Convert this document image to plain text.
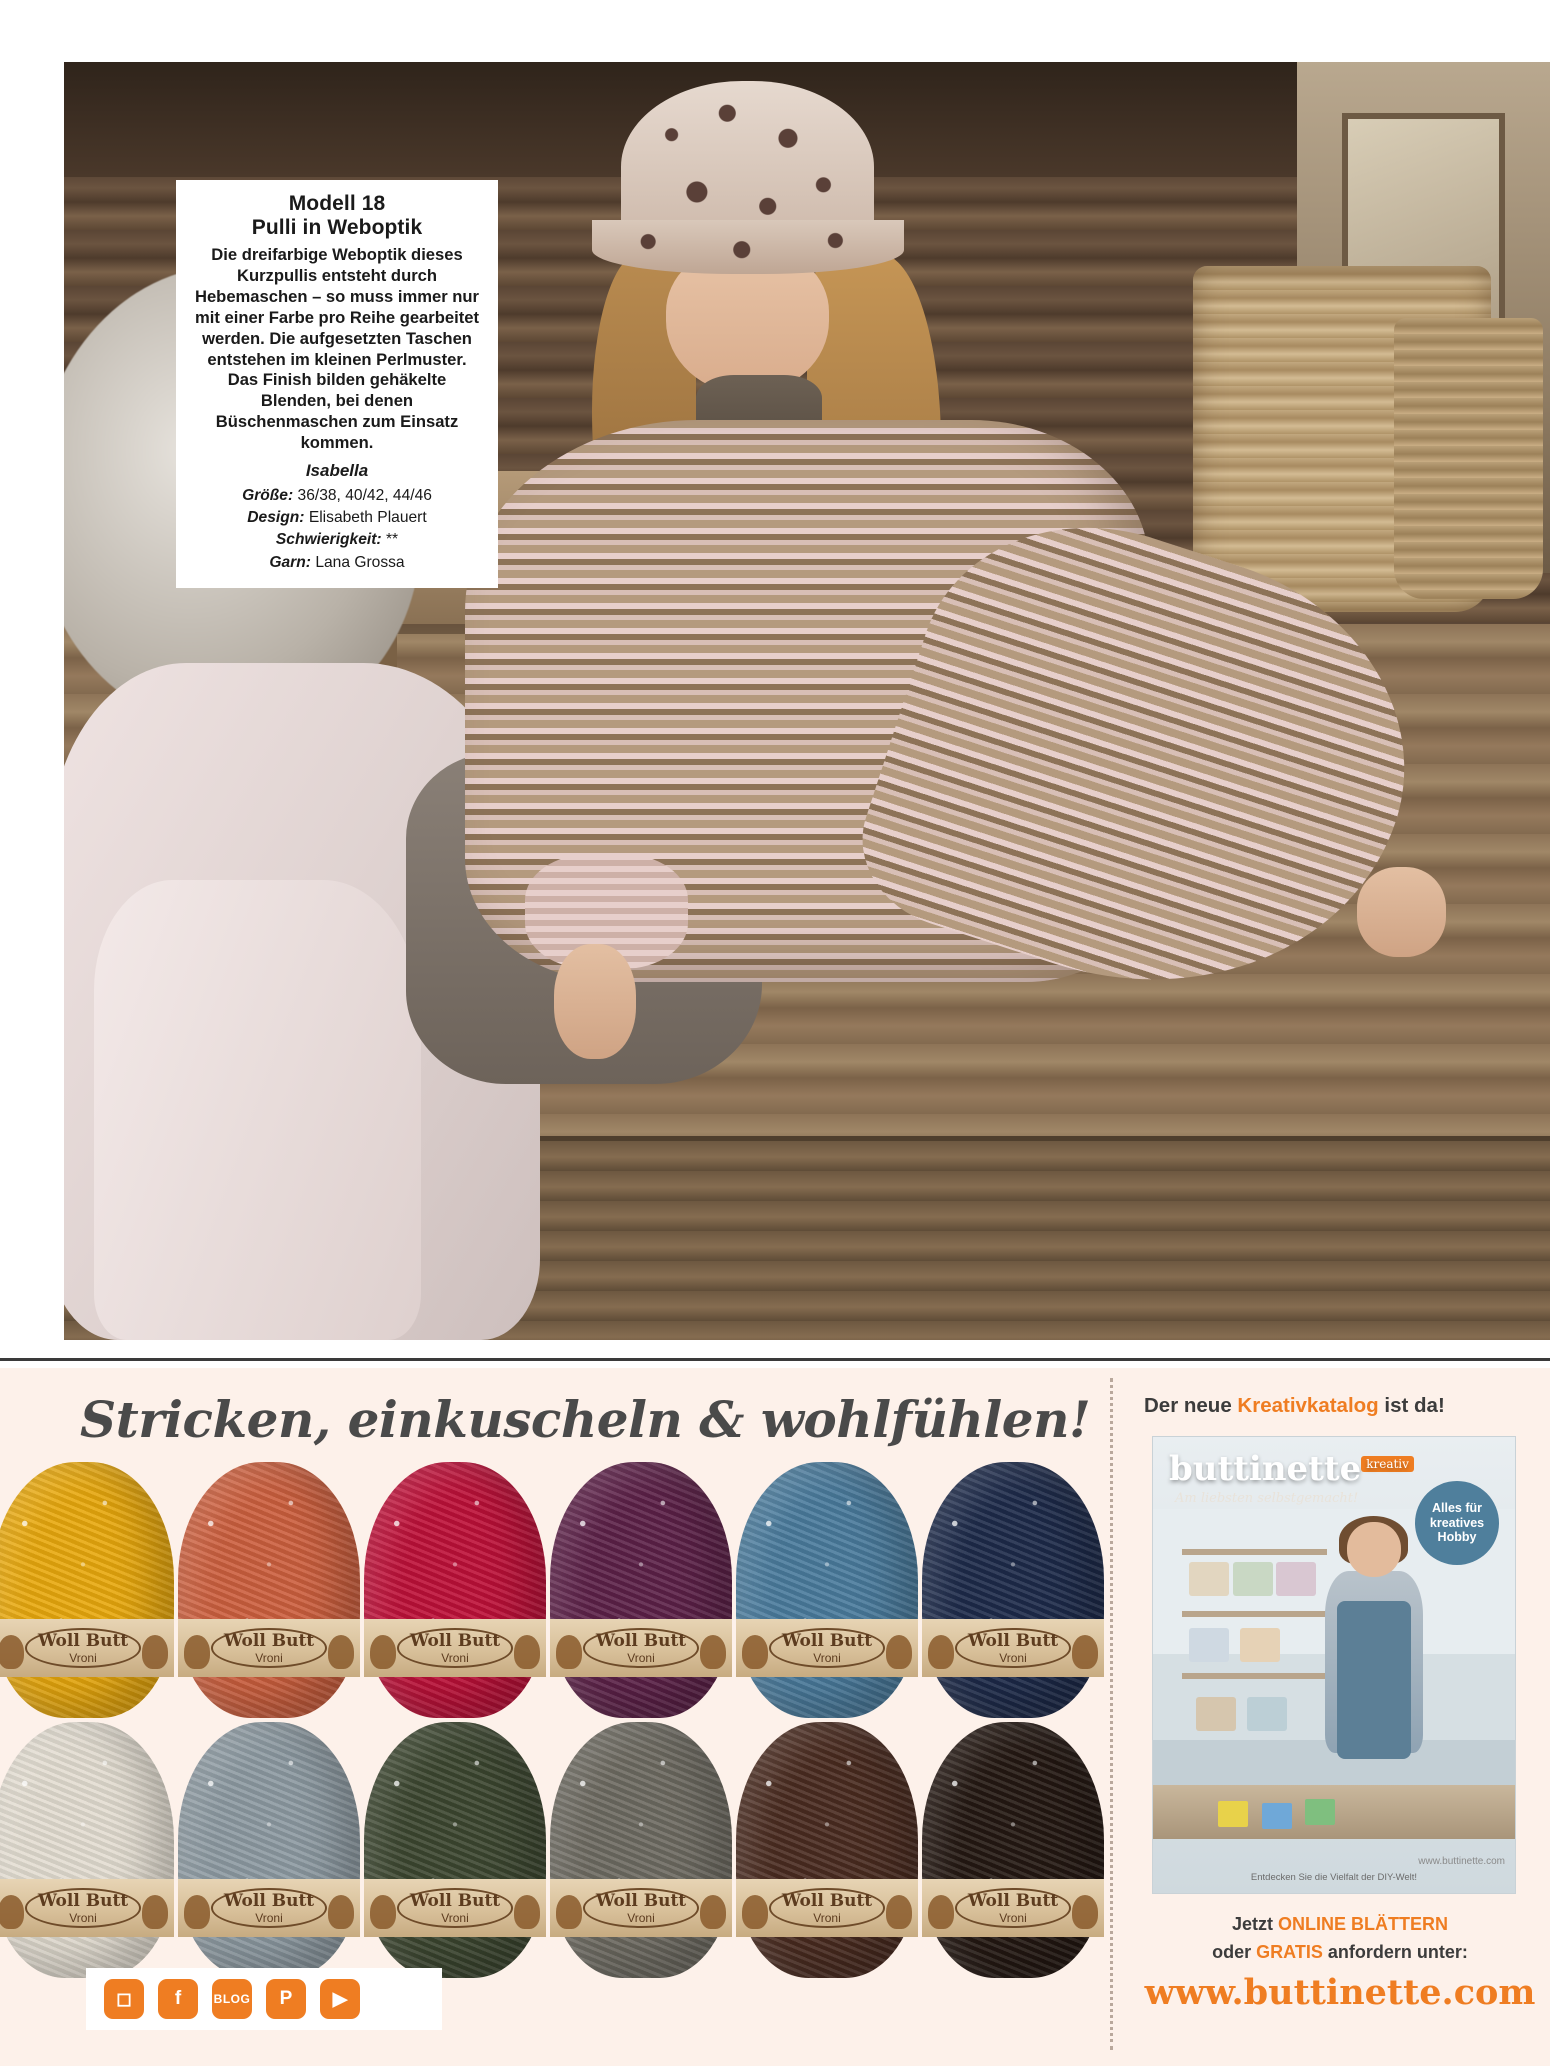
Modell 18
Pulli in Weboptik
Die dreifarbige Weboptik dieses Kurzpullis entsteht durch Hebemaschen – so muss immer nur mit einer Farbe pro Reihe gearbeitet werden. Die aufgesetzten Taschen entstehen im kleinen Perlmuster. Das Finish bilden gehäkelte Blenden, bei denen Büschenmaschen zum Einsatz kommen.
Isabella
Größe: 36/38, 40/42, 44/46
Design: Elisabeth Plauert
Schwierigkeit: **
Garn: Lana Grossa
Stricken, einkuscheln & wohlfühlen!
Woll Butt
Vroni
Woll Butt
Vroni
Woll Butt
Vroni
Woll Butt
Vroni
Woll Butt
Vroni
Woll Butt
Vroni
Woll Butt
Vroni
Woll Butt
Vroni
Woll Butt
Vroni
Woll Butt
Vroni
Woll Butt
Vroni
Woll Butt
Vroni
◻	f	BLOG	P	▶
Der neue Kreativkatalog ist da!
buttinette $^{kreativ}$
Am liebsten selbstgemacht!
Alles für
kreatives
Hobby
Entdecken Sie die Vielfalt der DIY-Welt!
www.buttinette.com
Jetzt ONLINE BLÄTTERN
oder GRATIS anfordern unter:
www.buttinette.com
